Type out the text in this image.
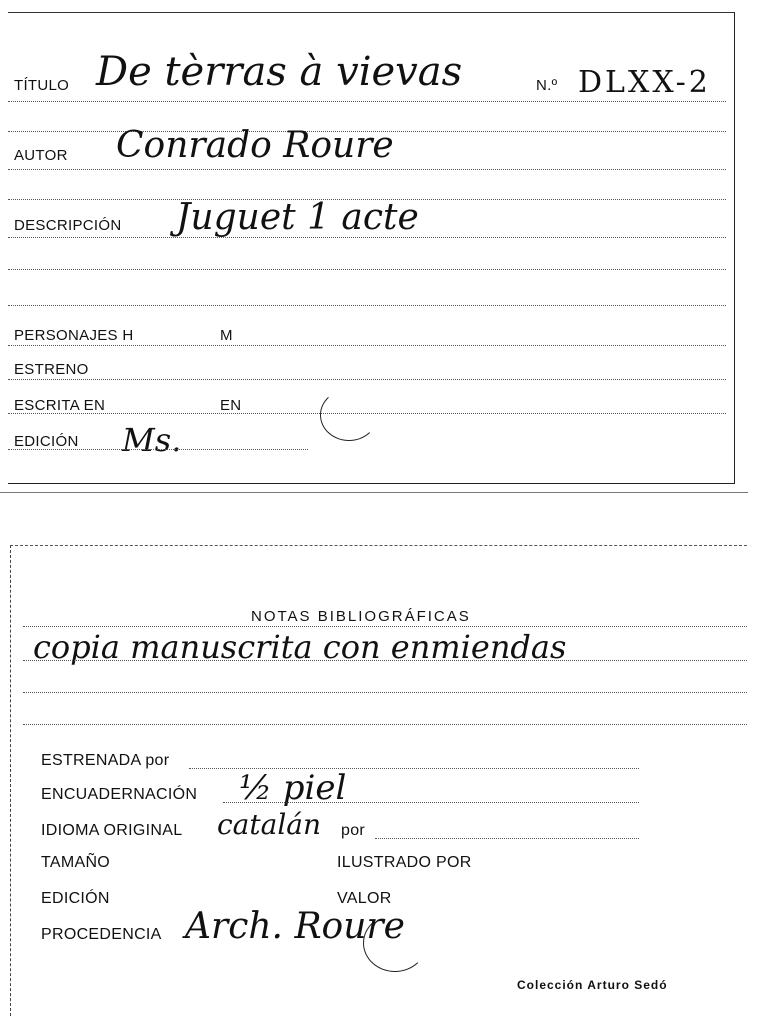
TÍTULO De tèrras à vievas	N.º DLXX-2
AUTOR Conrado Roure
DESCRIPCIÓN Juguet 1 acte
PERSONAJES H	M
ESTRENO
ESCRITA EN	EN
EDICIÓN Ms.
NOTAS BIBLIOGRÁFICAS
copia manuscrita con enmiendas
ESTRENADA por
ENCUADERNACIÓN ½ piel
IDIOMA ORIGINAL catalán por
TAMAÑO	ILUSTRADO POR
EDICIÓN	VALOR
PROCEDENCIA Arch. Roure
Colección Arturo Sedó
